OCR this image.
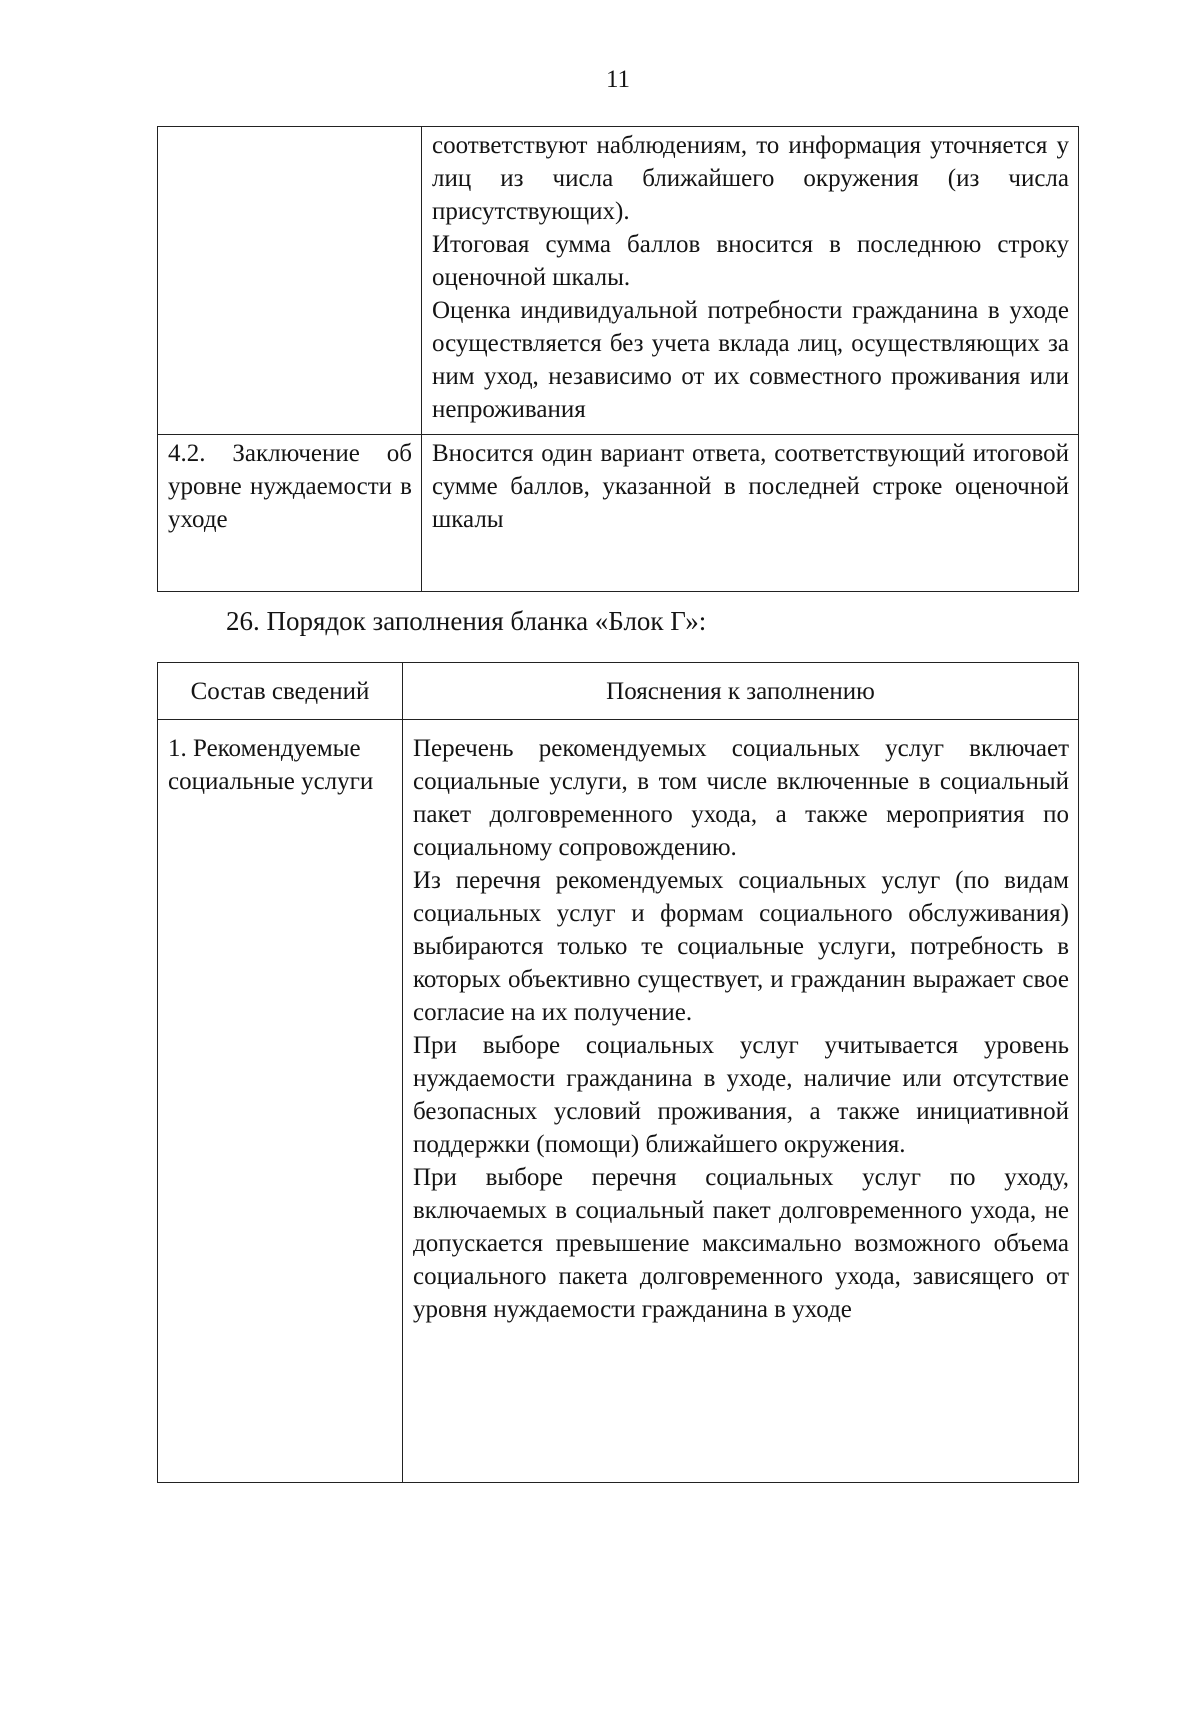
11

	соответствуют наблюдениям, то информация уточняется у лиц из числа ближайшего окружения (из числа присутствующих).

Итоговая сумма баллов вносится в последнюю строку оценочной шкалы.

Оценка индивидуальной потребности гражданина в уходе осуществляется без учета вклада лиц, осуществляющих за ним уход, независимо от их совместного проживания или непроживания

4.2. Заключение об уровне нуждаемости в уходе	Вносится один вариант ответа, соответствующий итоговой сумме баллов, указанной в последней строке оценочной шкалы

26. Порядок заполнения бланка «Блок Г»:

Состав сведений	Пояснения к заполнению
1. Рекомендуемые социальные услуги	Перечень рекомендуемых социальных услуг включает социальные услуги, в том числе включенные в социальный пакет долговременного ухода, а также мероприятия по социальному сопровождению.

Из перечня рекомендуемых социальных услуг (по видам социальных услуг и формам социального обслуживания) выбираются только те социальные услуги, потребность в которых объективно существует, и гражданин выражает свое согласие на их получение.

При выборе социальных услуг учитывается уровень нуждаемости гражданина в уходе, наличие или отсутствие безопасных условий проживания, а также инициативной поддержки (помощи) ближайшего окружения.

При выборе перечня социальных услуг по уходу, включаемых в социальный пакет долговременного ухода, не допускается превышение максимально возможного объема социального пакета долговременного ухода, зависящего от уровня нуждаемости гражданина в уходе
